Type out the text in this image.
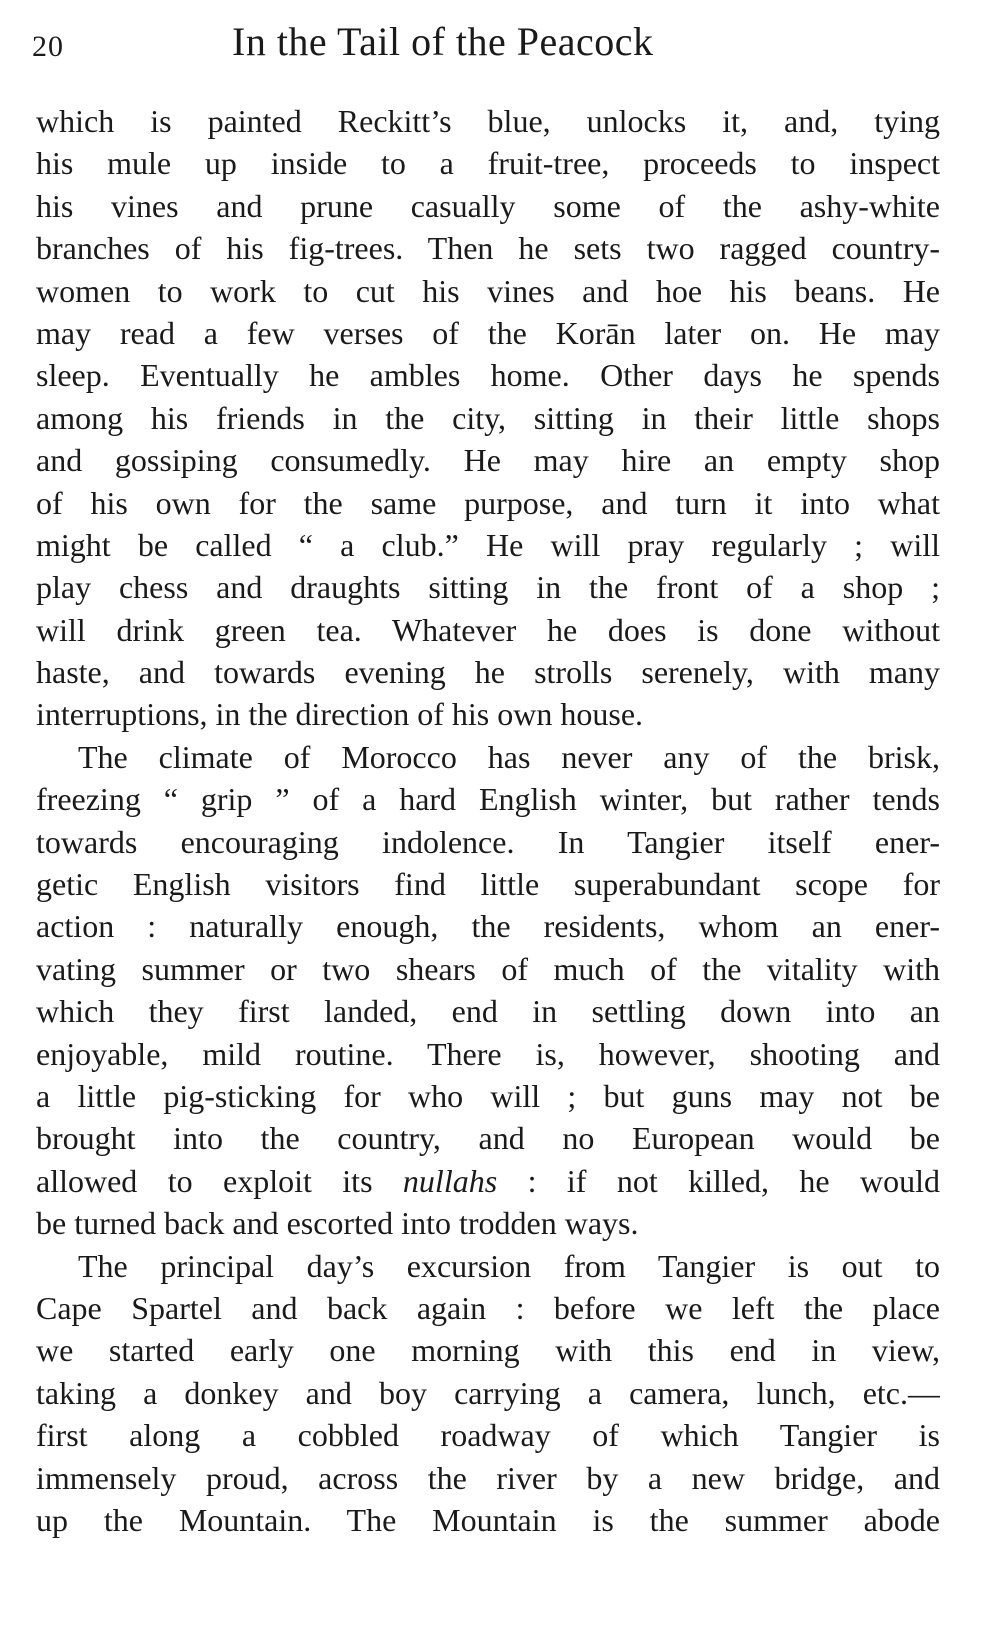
20	In the Tail of the Peacock

which is painted Reckitt’s blue, unlocks it, and, tying
his mule up inside to a fruit-tree, proceeds to inspect
his vines and prune casually some of the ashy-white
branches of his fig-trees. Then he sets two ragged country-
women to work to cut his vines and hoe his beans. He
may read a few verses of the Korān later on. He may
sleep. Eventually he ambles home. Other days he spends
among his friends in the city, sitting in their little shops
and gossiping consumedly. He may hire an empty shop
of his own for the same purpose, and turn it into what
might be called “ a club.” He will pray regularly ; will
play chess and draughts sitting in the front of a shop ;
will drink green tea. Whatever he does is done without
haste, and towards evening he strolls serenely, with many
interruptions, in the direction of his own house.

The climate of Morocco has never any of the brisk,
freezing “ grip ” of a hard English winter, but rather tends
towards encouraging indolence. In Tangier itself ener-
getic English visitors find little superabundant scope for
action : naturally enough, the residents, whom an ener-
vating summer or two shears of much of the vitality with
which they first landed, end in settling down into an
enjoyable, mild routine. There is, however, shooting and
a little pig-sticking for who will ; but guns may not be
brought into the country, and no European would be
allowed to exploit its nullahs : if not killed, he would
be turned back and escorted into trodden ways.

The principal day’s excursion from Tangier is out to
Cape Spartel and back again : before we left the place
we started early one morning with this end in view,
taking a donkey and boy carrying a camera, lunch, etc.—
first along a cobbled roadway of which Tangier is
immensely proud, across the river by a new bridge, and
up the Mountain. The Mountain is the summer abode
